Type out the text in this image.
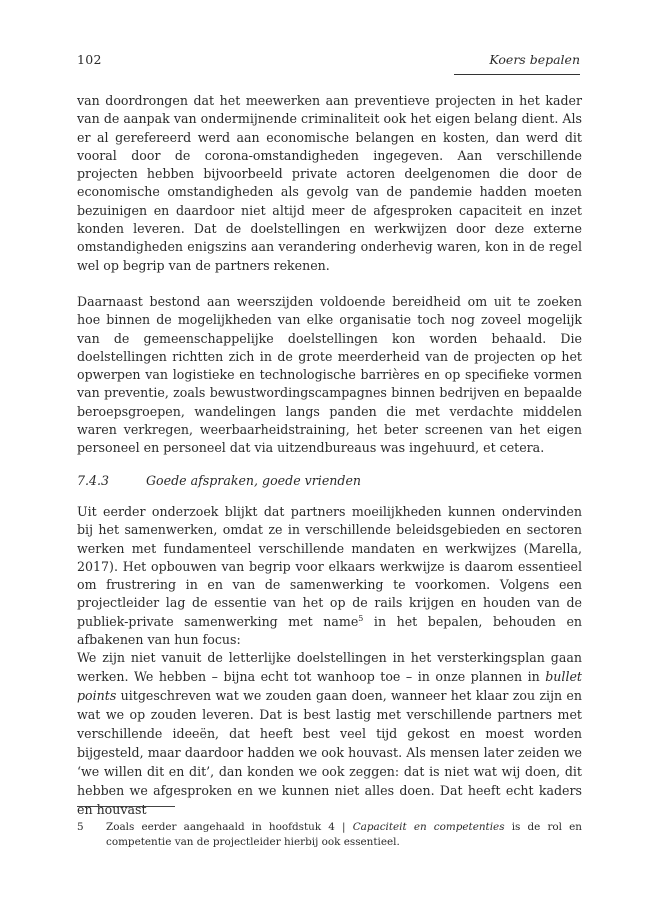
102	Koers bepalen

van doordrongen dat het meewerken aan preventieve projecten in het kader van de aanpak van ondermijnende criminaliteit ook het eigen belang dient. Als er al gerefereerd werd aan economische belangen en kosten, dan werd dit vooral door de corona-omstandigheden ingegeven. Aan verschillende projecten hebben bijvoorbeeld private actoren deelgenomen die door de economische omstandigheden als gevolg van de pandemie hadden moeten bezuinigen en daardoor niet altijd meer de afgesproken capaciteit en inzet konden leveren. Dat de doelstellingen en werkwijzen door deze externe omstandigheden enigszins aan verandering onderhevig waren, kon in de regel wel op begrip van de partners rekenen.

Daarnaast bestond aan weerszijden voldoende bereidheid om uit te zoeken hoe binnen de mogelijkheden van elke organisatie toch nog zoveel mogelijk van de gemeenschappelijke doelstellingen kon worden behaald. Die doelstellingen richtten zich in de grote meerderheid van de projecten op het opwerpen van logistieke en technologische barrières en op specifieke vormen van preventie, zoals bewustwordingscampagnes binnen bedrijven en bepaalde beroepsgroepen, wandelingen langs panden die met verdachte middelen waren verkregen, weerbaarheidstraining, het beter screenen van het eigen personeel en personeel dat via uitzendbureaus was ingehuurd, et cetera.

7.4.3	Goede afspraken, goede vrienden

Uit eerder onderzoek blijkt dat partners moeilijkheden kunnen ondervinden bij het samenwerken, omdat ze in verschillende beleidsgebieden en sectoren werken met fundamenteel verschillende mandaten en werkwijzes (Marella, 2017). Het opbouwen van begrip voor elkaars werkwijze is daarom essentieel om frustrering in en van de samenwerking te voorkomen. Volgens een projectleider lag de essentie van het op de rails krijgen en houden van de publiek-private samenwerking met name$^5$ in het bepalen, behouden en afbakenen van hun focus:

We zijn niet vanuit de letterlijke doelstellingen in het versterkingsplan gaan werken. We hebben – bijna echt tot wanhoop toe – in onze plannen in bullet points uitgeschreven wat we zouden gaan doen, wanneer het klaar zou zijn en wat we op zouden leveren. Dat is best lastig met verschillende partners met verschillende ideeën, dat heeft best veel tijd gekost en moest worden bijgesteld, maar daardoor hadden we ook houvast. Als mensen later zeiden we ‘we willen dit en dit’, dan konden we ook zeggen: dat is niet wat wij doen, dit hebben we afgesproken en we kunnen niet alles doen. Dat heeft echt kaders en houvast

5	Zoals eerder aangehaald in hoofdstuk 4 | Capaciteit en competenties is de rol en competentie van de projectleider hierbij ook essentieel.
